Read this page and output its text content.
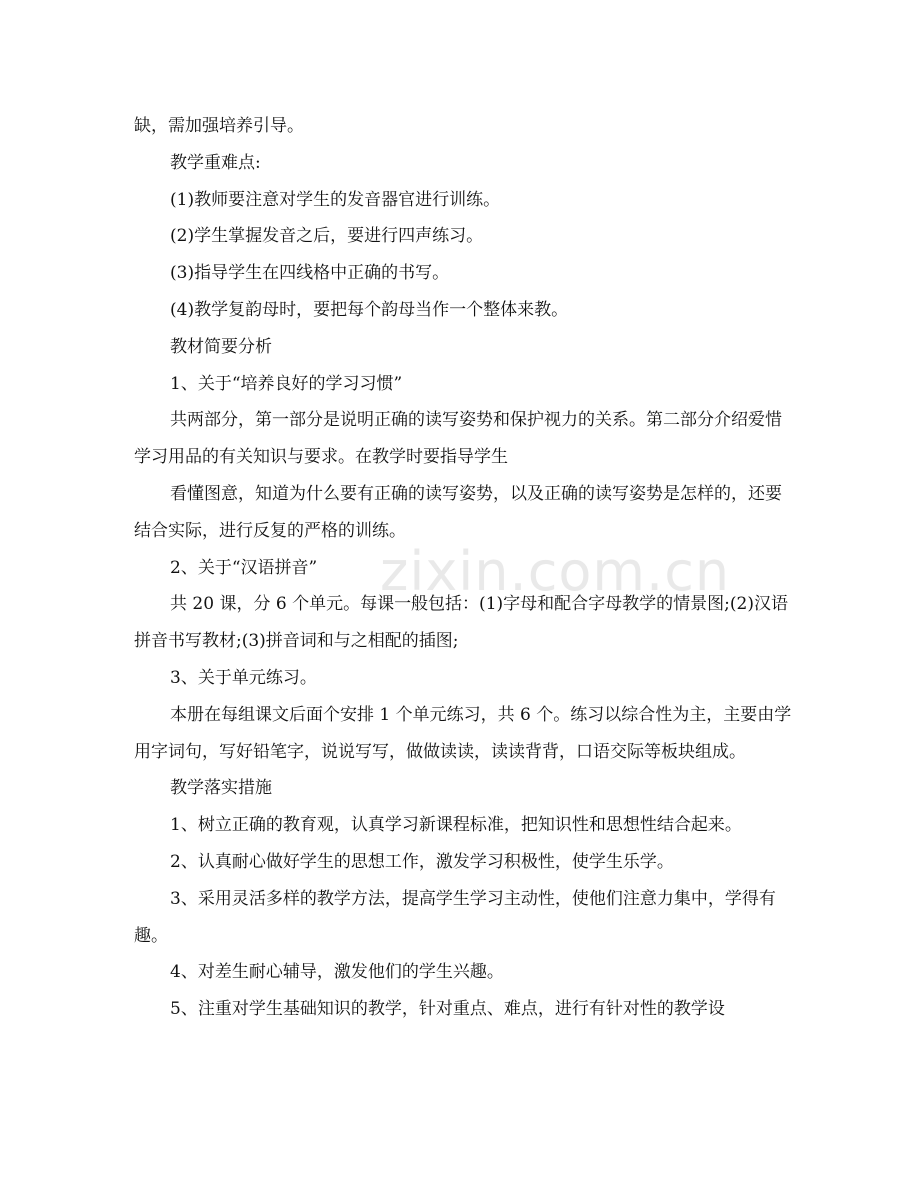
zixin.com.cn

缺，需加强培养引导。

教学重难点:

(1)教师要注意对学生的发音器官进行训练。

(2)学生掌握发音之后，要进行四声练习。

(3)指导学生在四线格中正确的书写。

(4)教学复韵母时，要把每个韵母当作一个整体来教。

教材简要分析

1、关于“培养良好的学习习惯”

共两部分，第一部分是说明正确的读写姿势和保护视力的关系。第二部分介绍爱惜学习用品的有关知识与要求。在教学时要指导学生

看懂图意，知道为什么要有正确的读写姿势，以及正确的读写姿势是怎样的，还要结合实际，进行反复的严格的训练。

2、关于“汉语拼音”

共 20 课，分 6 个单元。每课一般包括：(1)字母和配合字母教学的情景图;(2)汉语拼音书写教材;(3)拼音词和与之相配的插图;

3、关于单元练习。

本册在每组课文后面个安排 1 个单元练习，共 6 个。练习以综合性为主，主要由学用字词句，写好铅笔字，说说写写，做做读读，读读背背，口语交际等板块组成。

教学落实措施

1、树立正确的教育观，认真学习新课程标准，把知识性和思想性结合起来。

2、认真耐心做好学生的思想工作，激发学习积极性，使学生乐学。

3、采用灵活多样的教学方法，提高学生学习主动性，使他们注意力集中，学得有趣。

4、对差生耐心辅导，激发他们的学生兴趣。

5、注重对学生基础知识的教学，针对重点、难点，进行有针对性的教学设
